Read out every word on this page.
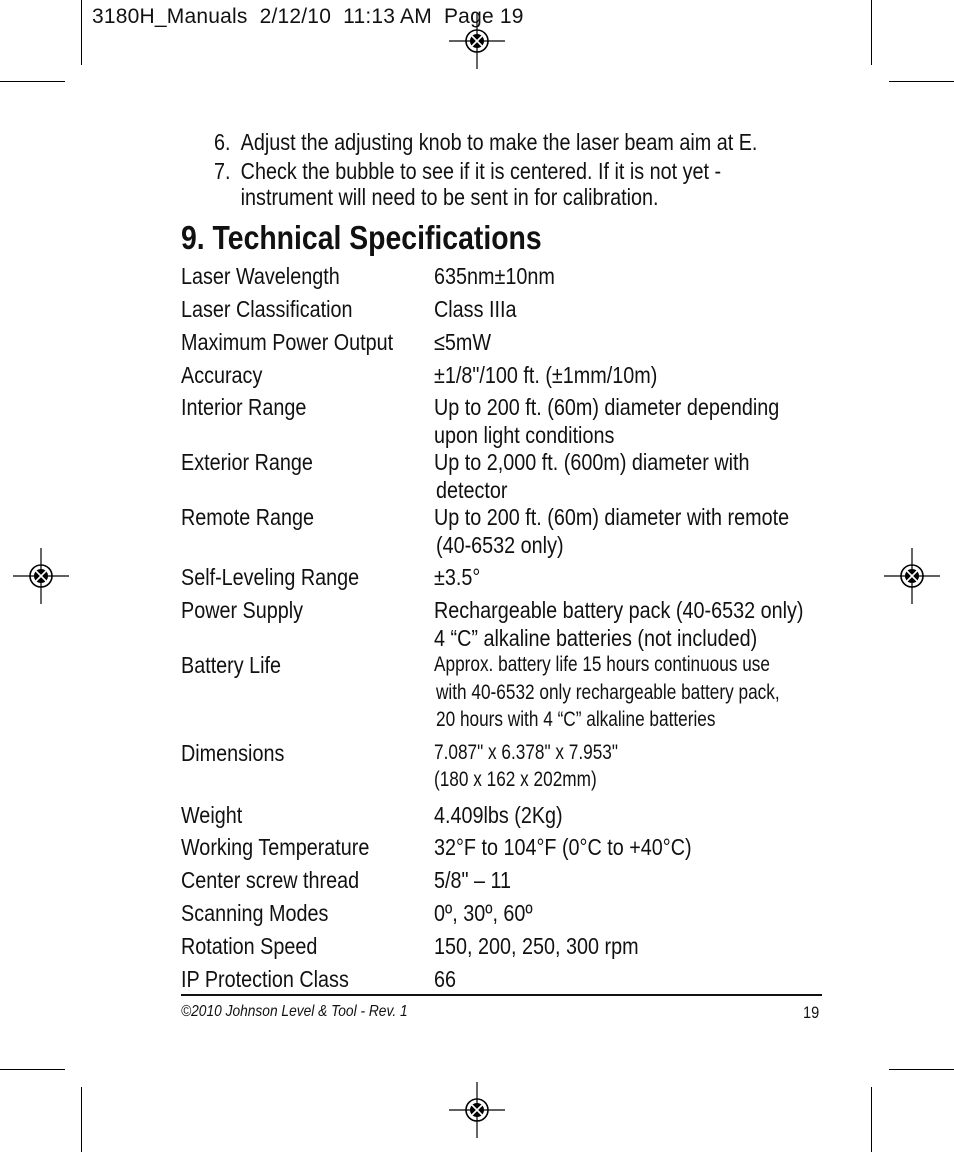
3180H_Manuals  2/12/10  11:13 AM  Page 19
6. Adjust the adjusting knob to make the laser beam aim at E.
7. Check the bubble to see if it is centered. If it is not yet -
instrument will need to be sent in for calibration.
9. Technical Specifications
Laser Wavelength	635nm±10nm
Laser Classification	Class IIIa
Maximum Power Output ≤5mW
Accuracy	±1/8"/100 ft. (±1mm/10m)
Interior Range	Up to 200 ft. (60m) diameter depending
upon light conditions
Exterior Range	Up to 2,000 ft. (600m) diameter with
detector
Remote Range	Up to 200 ft. (60m) diameter with remote
(40-6532 only)
Self-Leveling Range	±3.5°
Power Supply	Rechargeable battery pack (40-6532 only)
4 “C” alkaline batteries (not included)
Battery Life	Approx. battery life 15 hours continuous use
with 40-6532 only rechargeable battery pack,
20 hours with 4 “C” alkaline batteries
Dimensions	7.087" x 6.378" x 7.953"
(180 x 162 x 202mm)
Weight	4.409lbs (2Kg)
Working Temperature	32°F to 104°F (0°C to +40°C)
Center screw thread	5/8" – 11
Scanning Modes	0º, 30º, 60º
Rotation Speed	150, 200, 250, 300 rpm
IP Protection Class	66
©2010 Johnson Level & Tool - Rev. 1	19
